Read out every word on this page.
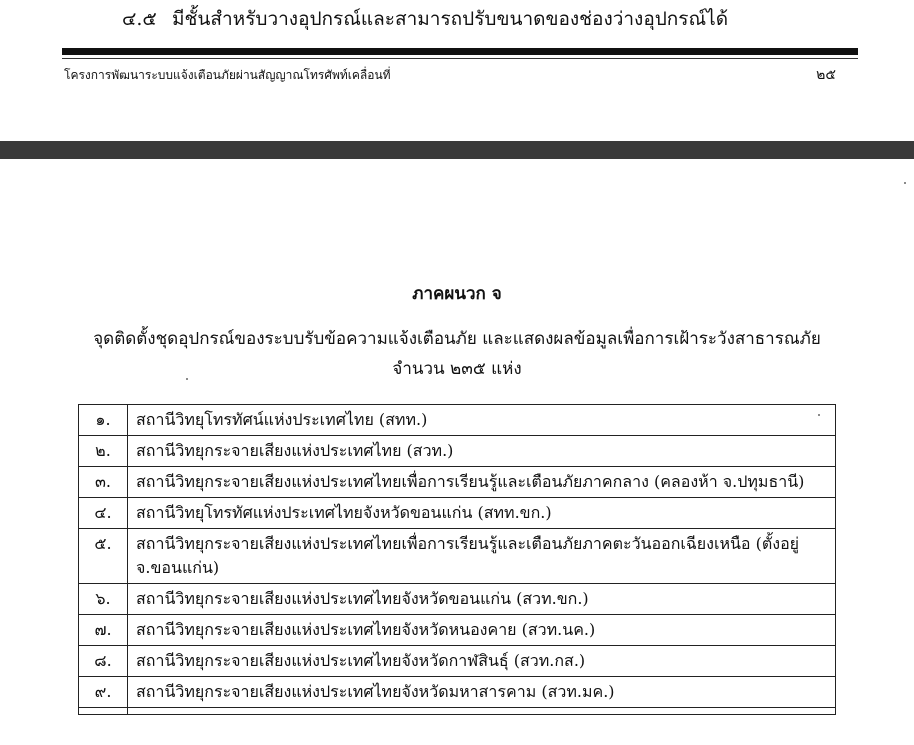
๔.๕ มีชั้นสำหรับวางอุปกรณ์และสามารถปรับขนาดของช่องว่างอุปกรณ์ได้
โครงการพัฒนาระบบแจ้งเตือนภัยผ่านสัญญาณโทรศัพท์เคลื่อนที่	๒๕
ภาคผนวก จ
จุดติดตั้งชุดอุปกรณ์ของระบบรับข้อความแจ้งเตือนภัย และแสดงผลข้อมูลเพื่อการเฝ้าระวังสาธารณภัย
จำนวน ๒๓๕ แห่ง
๑.	สถานีวิทยุโทรทัศน์แห่งประเทศไทย (สทท.)
๒.	สถานีวิทยุกระจายเสียงแห่งประเทศไทย (สวท.)
๓.	สถานีวิทยุกระจายเสียงแห่งประเทศไทยเพื่อการเรียนรู้และเตือนภัยภาคกลาง (คลองห้า จ.ปทุมธานี)
๔.	สถานีวิทยุโทรทัศแห่งประเทศไทยจังหวัดขอนแก่น (สทท.ขก.)
๕.	สถานีวิทยุกระจายเสียงแห่งประเทศไทยเพื่อการเรียนรู้และเตือนภัยภาคตะวันออกเฉียงเหนือ (ตั้งอยู่ จ.ขอนแก่น)
๖.	สถานีวิทยุกระจายเสียงแห่งประเทศไทยจังหวัดขอนแก่น (สวท.ขก.)
๗.	สถานีวิทยุกระจายเสียงแห่งประเทศไทยจังหวัดหนองคาย (สวท.นค.)
๘.	สถานีวิทยุกระจายเสียงแห่งประเทศไทยจังหวัดกาฬสินธุ์ (สวท.กส.)
๙.	สถานีวิทยุกระจายเสียงแห่งประเทศไทยจังหวัดมหาสารคาม (สวท.มค.)
